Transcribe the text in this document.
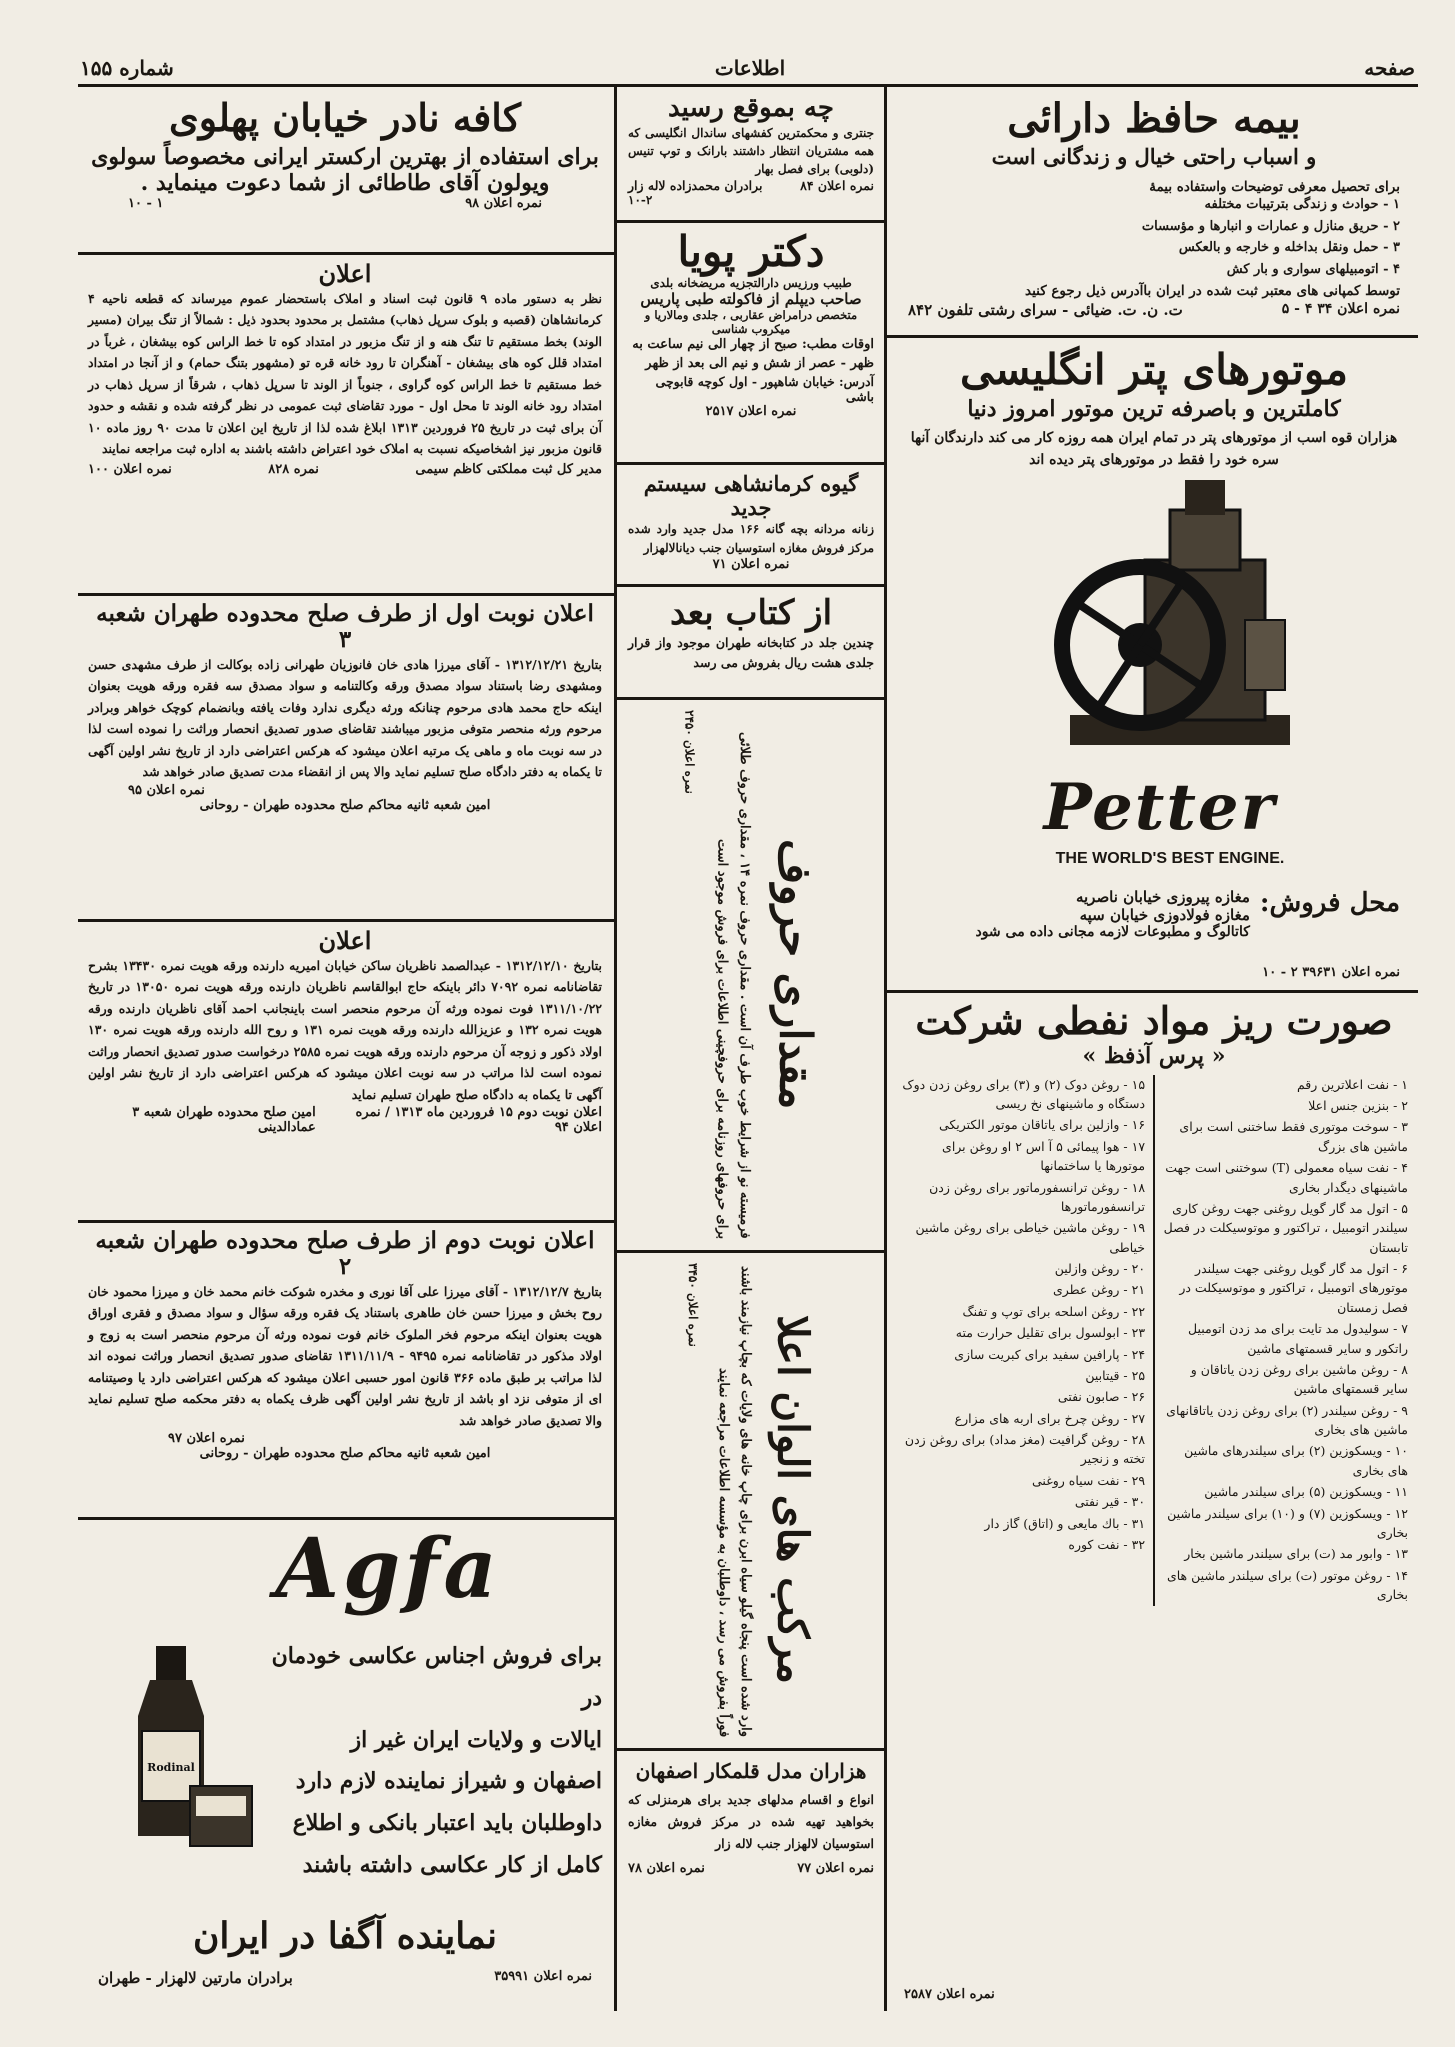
صفحه
اطلاعات
شماره ۱۵۵
بیمه حافظ دارائی
و اسباب راحتی خیال و زندگانی است
برای تحصیل معرفی توضیحات واستفاده بیمهٔ
۱ - حوادث و زندگی بترتیبات مختلفه
۲ - حریق منازل و عمارات و انبارها و مؤسسات
۳ - حمل ونقل بداخله و خارجه و بالعکس
۴ - اتومبیلهای سواری و بار کش
توسط کمپانی های معتبر ثبت شده در ایران باآدرس ذیل رجوع کنید
نمره اعلان ۳۴ ۴ - ۵
ت. ن. ت. ضیائی - سرای رشتی تلفون ۸۴۲
موتورهای پتر انگلیسی
کاملترین و باصرفه ترین موتور امروز دنیا
هزاران قوه اسب از موتورهای پتر در تمام ایران همه روزه کار می کند دارندگان آنها سره خود را فقط در موتورهای پتر دیده اند
Petter
THE WORLD'S BEST ENGINE.
محل فروش:
مغازه پیروزی خیابان ناصریه
مغازه فولادوزی خیابان سپه
کاتالوگ و مطبوعات لازمه مجانی داده می شود
نمره اعلان ۳۹۶۳۱ ۲ - ۱۰
صورت ریز مواد نفطی شرکت
« پرس آذفظ »
۱ - نفت اعلاترین رقم
۲ - بنزین جنس اعلا
۳ - سوخت موتوری فقط ساختنی است برای ماشین های بزرگ
۴ - نفت سیاه معمولی (T) سوختنی است جهت ماشینهای دیگدار بخاری
۵ - اتول مد گار گویل روغنی جهت روغن کاری سیلندر اتومبیل ، تراکتور و موتوسیکلت در فصل تابستان
۶ - اتول مد گار گویل روغنی جهت سیلندر موتورهای اتومبیل ، تراکتور و موتوسیکلت در فصل زمستان
۷ - سولیدول مد تایت برای مد زدن اتومبیل راتکور و سایر قسمتهای ماشین
۸ - روغن ماشین برای روغن زدن یاتاقان و سایر قسمتهای ماشین
۹ - روغن سیلندر (۲) برای روغن زدن یاتاقانهای ماشین های بخاری
۱۰ - ویسکوزین (۲) برای سیلندرهای ماشین های بخاری
۱۱ - ویسکوزین (۵) برای سیلندر ماشین
۱۲ - ویسکوزین (۷) و (۱۰) برای سیلندر ماشین بخاری
۱۳ - وابور مد (ت) برای سیلندر ماشین بخار
۱۴ - روغن موتور (ت) برای سیلندر ماشین های بخاری
۱۵ - روغن دوک (۲) و (۳) برای روغن زدن دوک دستگاه و ماشینهای نخ ریسی
۱۶ - وازلین برای یاتاقان موتور الکتریکی
۱۷ - هوا پیمائی ۵ آ اس ۲ او روغن برای موتورها یا ساختمانها
۱۸ - روغن ترانسفورماتور برای روغن زدن ترانسفورماتورها
۱۹ - روغن ماشین خیاطی برای روغن ماشین خیاطی
۲۰ - روغن وازلین
۲۱ - روغن عطری
۲۲ - روغن اسلحه برای توپ و تفنگ
۲۳ - ابولسول برای تقلیل حرارت مته
۲۴ - پارافین سفید برای کبریت سازی
۲۵ - قیتابین
۲۶ - صابون نفتی
۲۷ - روغن چرخ برای اربه های مزارع
۲۸ - روغن گرافیت (مغز مداد) برای روغن زدن تخته و زنجیر
۲۹ - نفت سیاه روغنی
۳۰ - قیر نفتی
۳۱ - باك مایعی و (اتاق) گاز دار
۳۲ - نفت کوره
نمره اعلان ۲۵۸۷
چه بموقع رسید
جنتری و محکمترین کفشهای ساندال انگلیسی که همه مشتریان انتظار داشتند بارانک و توپ تنیس (دلوبی) برای فصل بهار
نمره اعلان ۸۴
برادران محمدزاده لاله زار
۱۰-۲
دکتر پویا
طبیب ورزیس دارالتجزیه مریضخانه بلدی
صاحب دیپلم از فاکولته طبی پاریس
متخصص درامراض عقاربی ، جلدی ومالاریا و میکروب شناسی
اوقات مطب: صبح از چهار الی نیم ساعت به ظهر - عصر از شش و نیم الی بعد از ظهر
آدرس: خیابان شاهپور - اول کوچه قابوچی باشی
نمره اعلان ۲۵۱۷
گیوه کرمانشاهی سیستم جدید
زنانه مردانه بچه گانه ۱۶۶ مدل جدید وارد شده مرکز فروش مغازه استوسیان جنب دیانالالهزار
نمره اعلان ۷۱
از کتاب بعد
چندین جلد در کتابخانه طهران موجود واز قرار جلدی هشت ریال بفروش می رسد
نمره اعلان ۲۴۵۰	فرمیسته نو از شرایط خوب طرف آن است . مقداری حروف نمره ۱۴ ، مقداری حروف طلائی برای حروفهای روزنامه برای حروفچینی اطلاعات برای فروش موجود است مقداری حروف
نمره اعلان ۳۴۵۰	وارد شده است پنجاه گیلو سیاه ابرن برای چاپ خانه های ولایات که بچاپ نیازمند باشند فوراً بفروش می رسد ، داوطلبان به مؤسسه اطلاعات مراجعه نمایند مرکب های الوان اعلا
هزاران مدل قلمکار اصفهان
انواع و اقسام مدلهای جدید برای هرمنزلی که بخواهید تهیه شده در مرکز فروش مغازه استوسیان لالهزار جنب لاله زار
نمره اعلان ۷۷
نمره اعلان ۷۸
کافه نادر خیابان پهلوی
برای استفاده از بهترین ارکستر ایرانی مخصوصاً سولوی
ویولون آقای طاطائی از شما دعوت مینماید .
نمره اعلان ۹۸
۱ - ۱۰
اعلان
نظر به دستور ماده ۹ قانون ثبت اسناد و املاک باستحضار عموم میرساند که قطعه ناحیه ۴ کرمانشاهان (قصبه و بلوک سرپل ذهاب) مشتمل بر محدود بحدود ذیل : شمالاً از تنگ بیران (مسیر الوند) بخط مستقیم تا تنگ هنه و از تنگ مزبور در امتداد کوه تا خط الراس کوه بیشغان ، غرباً در امتداد قلل کوه های بیشغان - آهنگران تا رود خانه قره تو (مشهور بتنگ حمام) و از آنجا در امتداد خط مستقیم تا خط الراس کوه گراوی ، جنوباً از الوند تا سرپل ذهاب ، شرقاً از سرپل ذهاب در امتداد رود خانه الوند تا محل اول - مورد تقاضای ثبت عمومی در نظر گرفته شده و نقشه و حدود آن برای ثبت در تاریخ ۲۵ فروردین ۱۳۱۳ ابلاغ شده لذا از تاریخ این اعلان تا مدت ۹۰ روز ماده ۱۰ قانون مزبور نیز اشخاصیکه نسبت به املاک خود اعتراض داشته باشند به اداره ثبت مراجعه نمایند
مدیر کل ثبت مملکتی کاظم سیمی
نمره ۸۲۸
نمره اعلان ۱۰۰
اعلان نوبت اول از طرف صلح محدوده طهران شعبه ۳
بتاریخ ۱۳۱۲/۱۲/۲۱ - آقای میرزا هادی خان فانوزیان طهرانی زاده بوکالت از طرف مشهدی حسن ومشهدی رضا باستناد سواد مصدق ورقه وکالتنامه و سواد مصدق سه فقره ورقه هویت بعنوان اینکه حاج محمد هادی مرحوم چنانکه ورثه دیگری ندارد وفات یافته وبانضمام کوچک خواهر وبرادر مرحوم ورثه منحصر متوفی مزبور میباشند تقاضای صدور تصدیق انحصار وراثت را نموده است لذا در سه نوبت ماه و ماهی یک مرتبه اعلان میشود که هرکس اعتراضی دارد از تاریخ نشر اولین آگهی تا یکماه به دفتر دادگاه صلح تسلیم نماید والا پس از انقضاء مدت تصدیق صادر خواهد شد
نمره اعلان ۹۵
امین شعبه ثانیه محاکم صلح محدوده طهران - روحانی
اعلان
بتاریخ ۱۳۱۲/۱۲/۱۰ - عبدالصمد ناظریان ساکن خیابان امیریه دارنده ورقه هویت نمره ۱۳۴۳۰ بشرح تقاضانامه نمره ۷۰۹۲ دائر باینکه حاج ابوالقاسم ناظریان دارنده ورقه هویت نمره ۱۳۰۵۰ در تاریخ ۱۳۱۱/۱۰/۲۲ فوت نموده ورثه آن مرحوم منحصر است باینجانب احمد آقای ناظریان دارنده ورقه هویت نمره ۱۳۲ و عزیزالله دارنده ورقه هویت نمره ۱۳۱ و روح الله دارنده ورقه هویت نمره ۱۳۰ اولاد ذکور و زوجه آن مرحوم دارنده ورقه هویت نمره ۲۵۸۵ درخواست صدور تصدیق انحصار وراثت نموده است لذا مراتب در سه نوبت اعلان میشود که هرکس اعتراضی دارد از تاریخ نشر اولین آگهی تا یکماه به دادگاه صلح طهران تسلیم نماید
اعلان نوبت دوم ۱۵ فروردین ماه ۱۳۱۳ / نمره اعلان ۹۴
امین صلح محدوده طهران شعبه ۳ عمادالدینی
اعلان نوبت دوم از طرف صلح محدوده طهران شعبه ۲
بتاریخ ۱۳۱۲/۱۲/۷ - آقای میرزا علی آقا نوری و مخدره شوکت خانم محمد خان و میرزا محمود خان روح بخش و میرزا حسن خان طاهری باستناد یک فقره ورقه سؤال و سواد مصدق و فقری اوراق هویت بعنوان اینکه مرحوم فخر الملوک خانم فوت نموده ورثه آن مرحوم منحصر است به زوج و اولاد مذکور در تقاضانامه نمره ۹۴۹۵ - ۱۳۱۱/۱۱/۹ تقاضای صدور تصدیق انحصار وراثت نموده اند لذا مراتب بر طبق ماده ۳۶۶ قانون امور حسبی اعلان میشود که هرکس اعتراضی دارد یا وصیتنامه ای از متوفی نزد او باشد از تاریخ نشر اولین آگهی ظرف یکماه به دفتر محکمه صلح تسلیم نماید والا تصدیق صادر خواهد شد
نمره اعلان ۹۷
امین شعبه ثانیه محاکم صلح محدوده طهران - روحانی
Agfa
Rodinal
برای فروش اجناس عکاسی خودمان در
ایالات و ولایات ایران غیر از
اصفهان و شیراز نماینده لازم دارد
داوطلبان باید اعتبار بانکی و اطلاع
کامل از کار عکاسی داشته باشند
نماینده آگفا در ایران
نمره اعلان ۳۵۹۹۱
برادران مارتین لالهزار - طهران
